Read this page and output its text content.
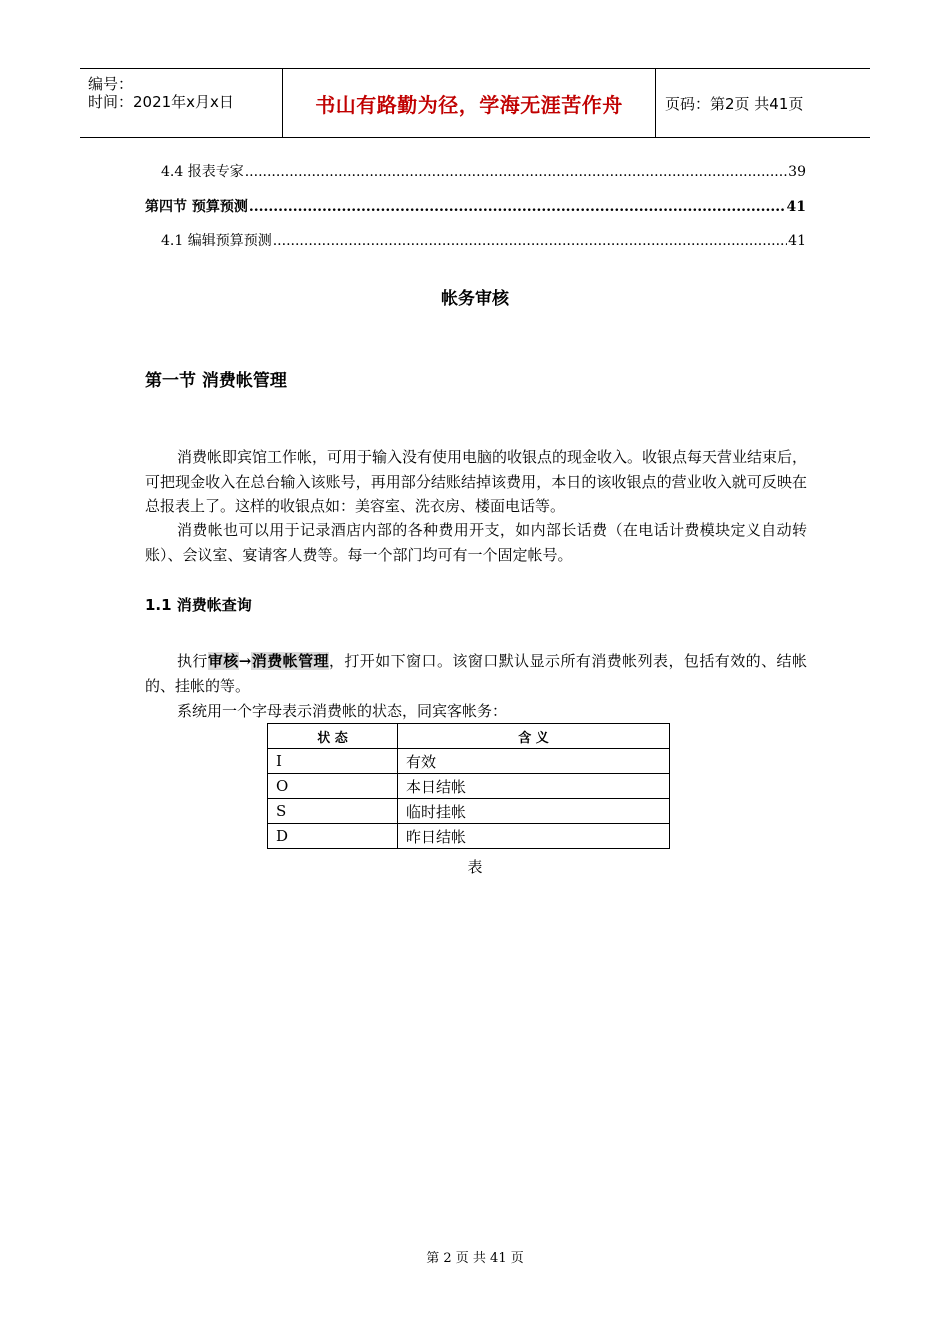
编号：
时间：2021年x月x日	书山有路勤为径，学海无涯苦作舟	页码：第2页 共41页
4.4 报表专家 .....	39
第四节 预算预测 .....	41
4.1 编辑预算预测 .....	41
帐务审核
第一节 消费帐管理
消费帐即宾馆工作帐，可用于输入没有使用电脑的收银点的现金收入。收银点每天营业结束后，可把现金收入在总台输入该账号，再用部分结账结掉该费用，本日的该收银点的营业收入就可反映在总报表上了。这样的收银点如：美容室、洗衣房、楼面电话等。
消费帐也可以用于记录酒店内部的各种费用开支，如内部长话费（在电话计费模块定义自动转账）、会议室、宴请客人费等。每一个部门均可有一个固定帐号。
1.1 消费帐查询
执行审核→消费帐管理，打开如下窗口。该窗口默认显示所有消费帐列表，包括有效的、结帐的、挂帐的等。
系统用一个字母表示消费帐的状态，同宾客帐务：
状 态	含 义
I	有效
O	本日结帐
S	临时挂帐
D	昨日结帐
表
第 2 页 共 41 页
